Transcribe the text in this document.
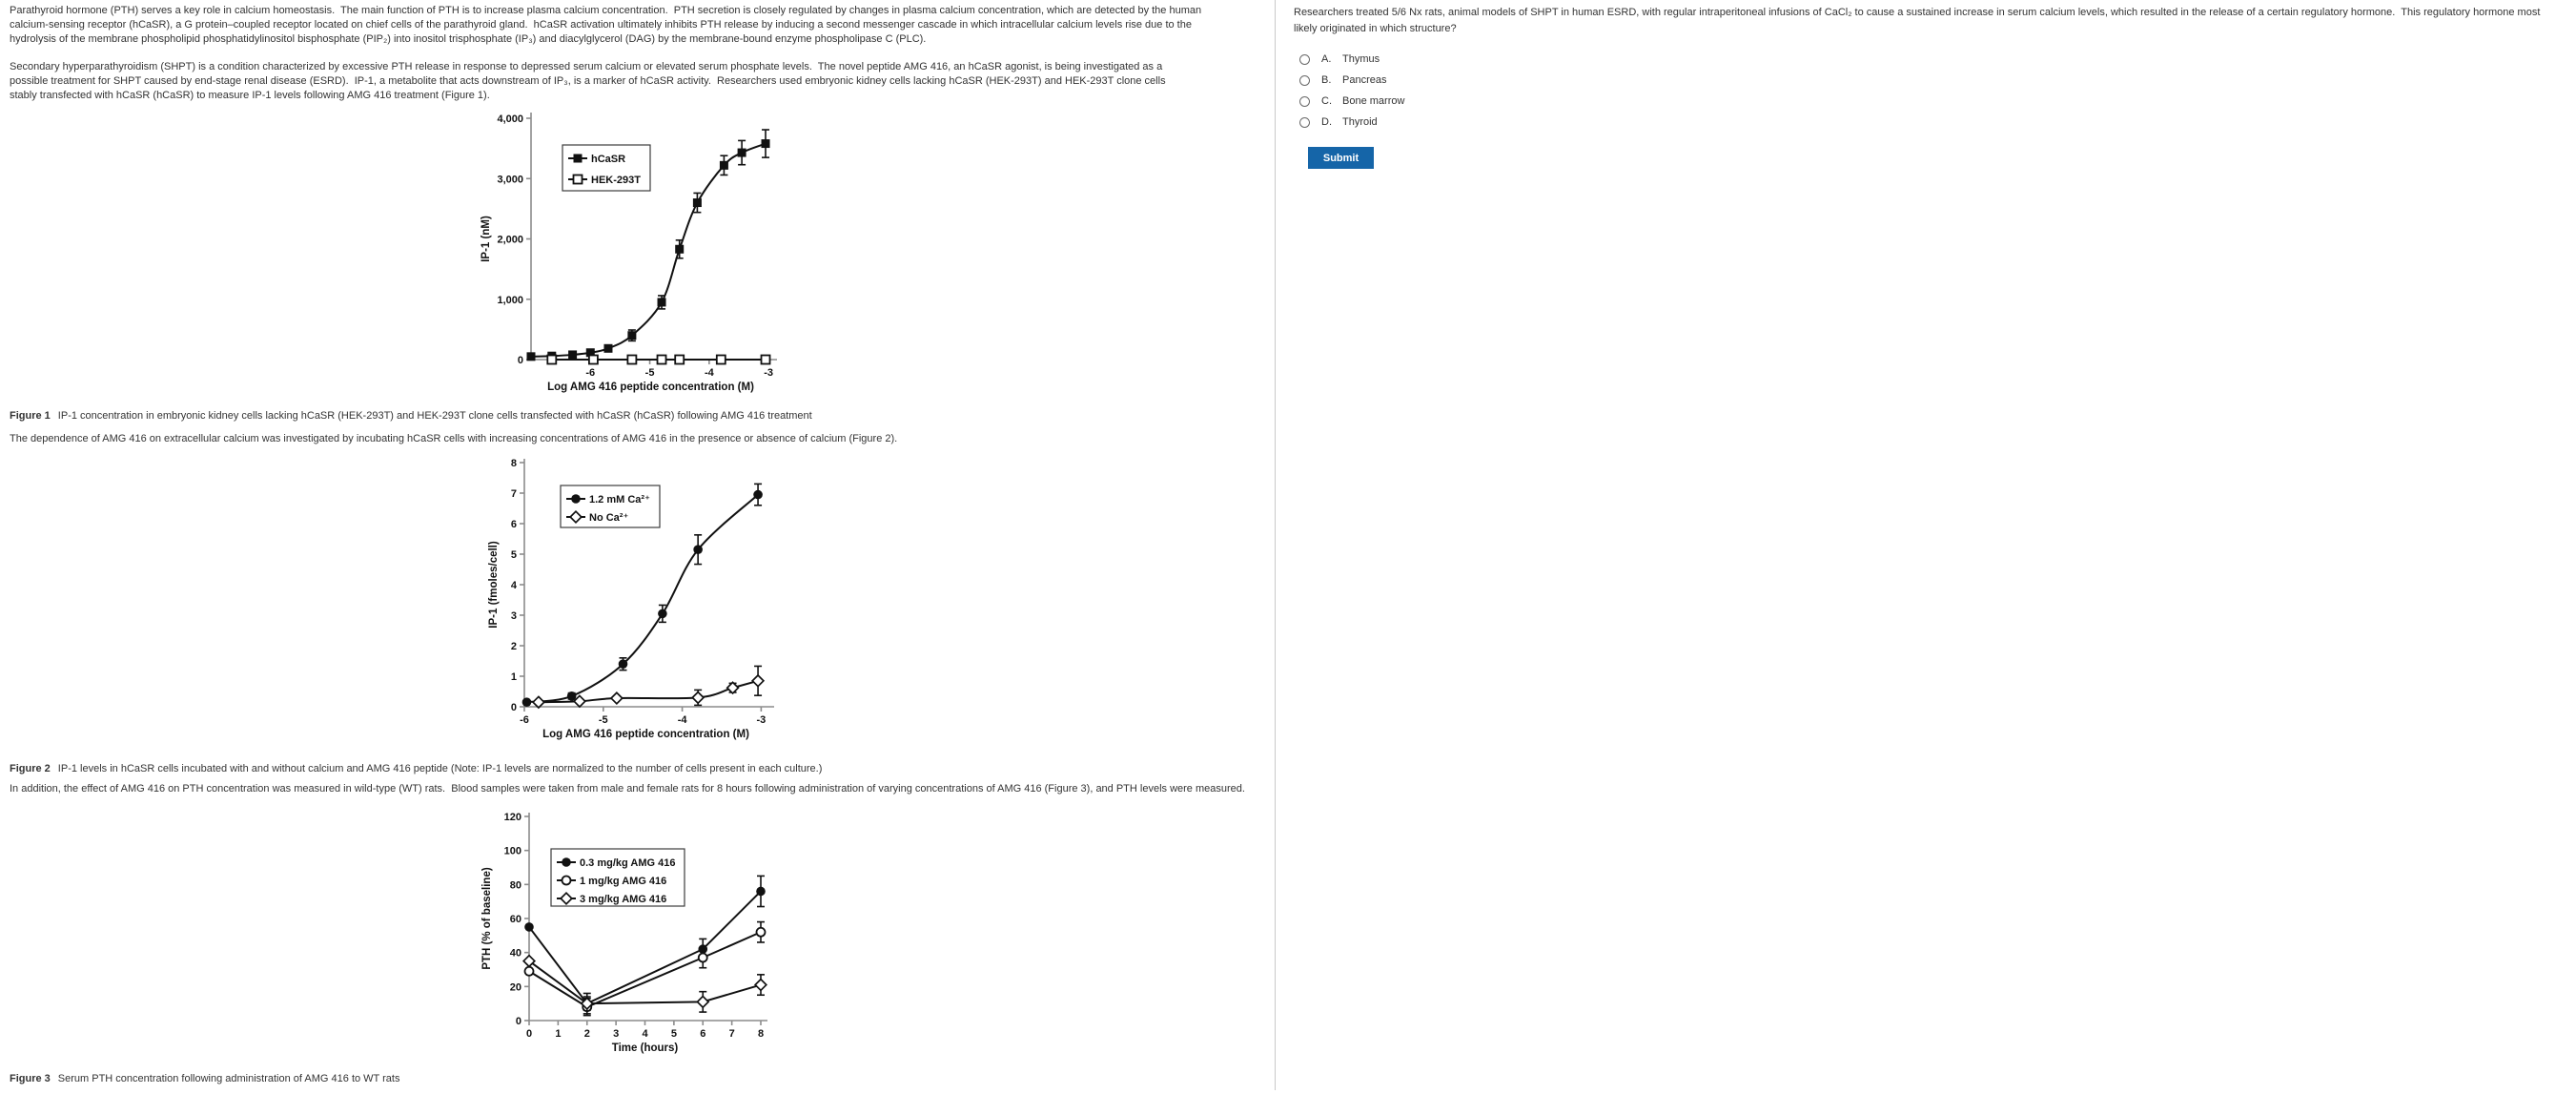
Parathyroid hormone (PTH) serves a key role in calcium homeostasis.  The main function of PTH is to increase plasma calcium concentration.  PTH secretion is closely regulated by changes in plasma calcium concentration, which are detected by the human calcium-sensing receptor (hCaSR), a G protein–coupled receptor located on chief cells of the parathyroid gland.  hCaSR activation ultimately inhibits PTH release by inducing a second messenger cascade in which intracellular calcium levels rise due to the hydrolysis of the membrane phospholipid phosphatidylinositol bisphosphate (PIP₂) into inositol trisphosphate (IP₃) and diacylglycerol (DAG) by the membrane-bound enzyme phospholipase C (PLC).

Secondary hyperparathyroidism (SHPT) is a condition characterized by excessive PTH release in response to depressed serum calcium or elevated serum phosphate levels.  The novel peptide AMG 416, an hCaSR agonist, is being investigated as a possible treatment for SHPT caused by end-stage renal disease (ESRD).  IP-1, a metabolite that acts downstream of IP₃, is a marker of hCaSR activity.  Researchers used embryonic kidney cells lacking hCaSR (HEK-293T) and HEK-293T clone cells stably transfected with hCaSR (hCaSR) to measure IP-1 levels following AMG 416 treatment (Figure 1).

0
1,000
2,000
3,000
4,000
-6	-5	-4	-3
Log AMG 416 peptide concentration (M)
IP-1 (nM)
hCaSR
HEK-293T

Figure 1 IP-1 concentration in embryonic kidney cells lacking hCaSR (HEK-293T) and HEK-293T clone cells transfected with hCaSR (hCaSR) following AMG 416 treatment

The dependence of AMG 416 on extracellular calcium was investigated by incubating hCaSR cells with increasing concentrations of AMG 416 in the presence or absence of calcium (Figure 2).

0
1
2
3
4
5
6
7
8
-6	-5	-4	-3
Log AMG 416 peptide concentration (M)
IP-1 (fmoles/cell)
1.2 mM Ca²⁺
No Ca²⁺

Figure 2 IP-1 levels in hCaSR cells incubated with and without calcium and AMG 416 peptide (Note: IP-1 levels are normalized to the number of cells present in each culture.)

In addition, the effect of AMG 416 on PTH concentration was measured in wild-type (WT) rats.  Blood samples were taken from male and female rats for 8 hours following administration of varying concentrations of AMG 416 (Figure 3), and PTH levels were measured.

0
20
40
60
80
100
120
0 1 2 3 4 5 6 7 8
Time (hours)
PTH (% of baseline)
0.3 mg/kg AMG 416
1 mg/kg AMG 416
3 mg/kg AMG 416

Figure 3 Serum PTH concentration following administration of AMG 416 to WT rats

Researchers treated 5/6 Nx rats, animal models of SHPT in human ESRD, with regular intraperitoneal infusions of CaCl₂ to cause a sustained increase in serum calcium levels, which resulted in the release of a certain regulatory hormone.  This regulatory hormone most likely originated in which structure?

A.	Thymus
B.	Pancreas
C.	Bone marrow
D.	Thyroid
Submit
